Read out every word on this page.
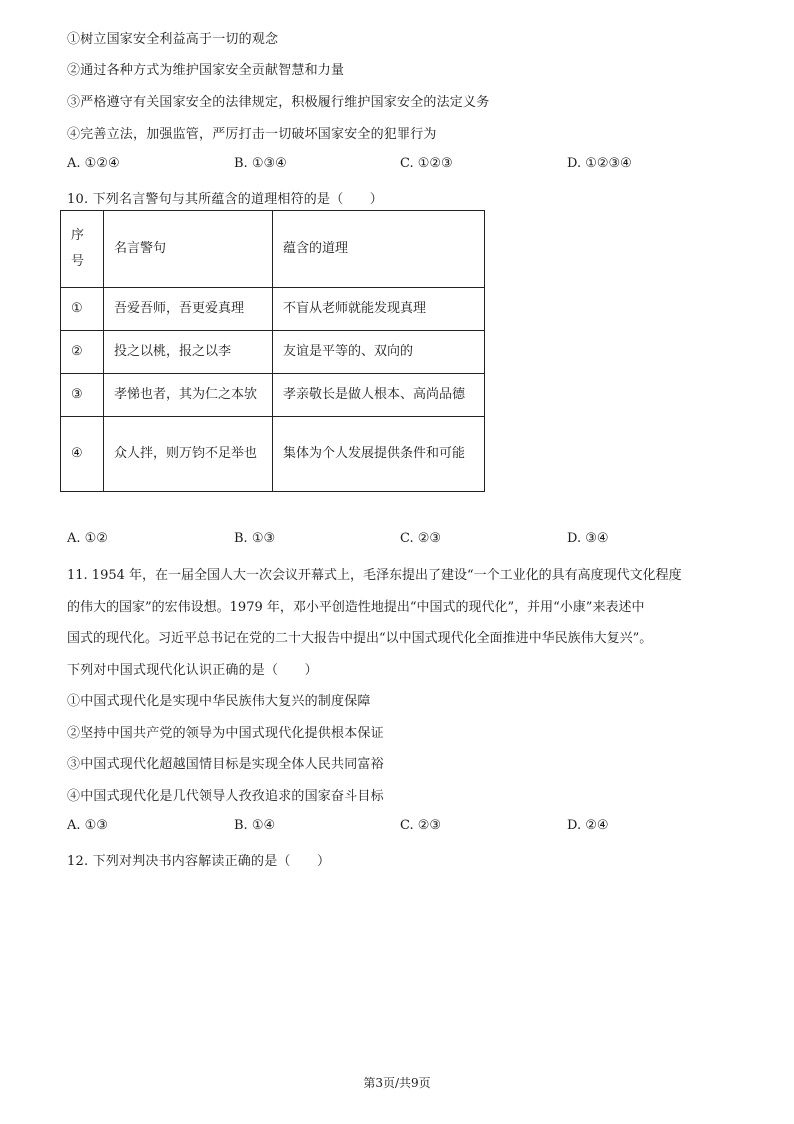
①树立国家安全利益高于一切的观念
②通过各种方式为维护国家安全贡献智慧和力量
③严格遵守有关国家安全的法律规定，积极履行维护国家安全的法定义务
④完善立法，加强监管，严厉打击一切破坏国家安全的犯罪行为
A. ①②④	B. ①③④	C. ①②③	D. ①②③④
10. 下列名言警句与其所蕴含的道理相符的是（　　）
序号	名言警句	蕴含的道理
①	吾爱吾师，吾更爱真理	不盲从老师就能发现真理
②	投之以桃，报之以李	友谊是平等的、双向的
③	孝悌也者，其为仁之本欤	孝亲敬长是做人根本、高尚品德
④	众人拌，则万钧不足举也	集体为个人发展提供条件和可能
A. ①②	B. ①③	C. ②③	D. ③④
11. 1954 年，在一届全国人大一次会议开幕式上，毛泽东提出了建设“一个工业化的具有高度现代文化程度
的伟大的国家”的宏伟设想。1979 年，邓小平创造性地提出“中国式的现代化”，并用“小康”来表述中
国式的现代化。习近平总书记在党的二十大报告中提出“以中国式现代化全面推进中华民族伟大复兴”。
下列对中国式现代化认识正确的是（　　）
①中国式现代化是实现中华民族伟大复兴的制度保障
②坚持中国共产党的领导为中国式现代化提供根本保证
③中国式现代化超越国情目标是实现全体人民共同富裕
④中国式现代化是几代领导人孜孜追求的国家奋斗目标
A. ①③	B. ①④	C. ②③	D. ②④
12. 下列对判决书内容解读正确的是（　　）
第3页/共9页
